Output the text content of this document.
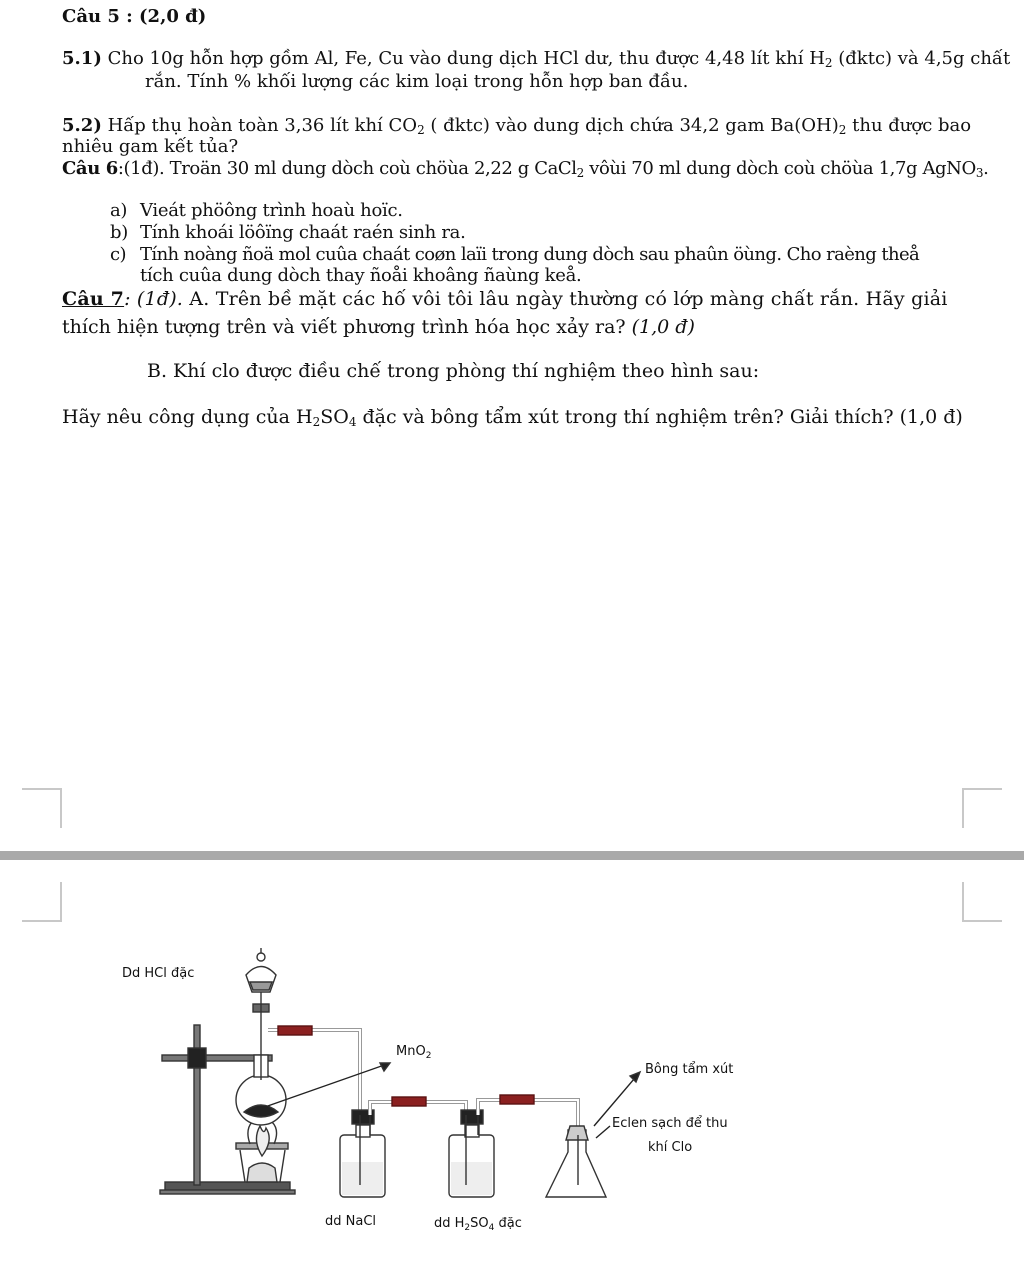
Câu 5 : (2,0 đ)
5.1) Cho 10g hỗn hợp gồm Al, Fe, Cu vào dung dịch HCl dư, thu được 4,48 lít khí $H_2$ (đktc) và 4,5g chất
rắn. Tính % khối lượng các kim loại trong hỗn hợp ban đầu.
5.2) Hấp thụ hoàn toàn 3,36 lít khí $CO_2$ ( đktc) vào dung dịch chứa 34,2 gam $Ba(OH)_2$ thu được bao
nhiêu gam kết tủa?
Câu 6:(1đ). Troän 30 ml dung dòch coù chöùa 2,22 g CaCl$_2$ vôùi 70 ml dung dòch coù chöùa 1,7g AgNO$_3$.
a) Vieát phöông trình hoaù hoïc.
b) Tính khoái löôïng chaát raén sinh ra.
c) Tính noàng ñoä mol cuûa chaát coøn laïi trong dung dòch sau phaûn öùng. Cho raèng theå
tích cuûa dung dòch thay ñoåi khoâng ñaùng keå.
Câu 7: (1đ). A. Trên bề mặt các hố vôi tôi lâu ngày thường có lớp màng chất rắn. Hãy giải
thích hiện tượng trên và viết phương trình hóa học xảy ra? (1,0 đ)
B. Khí clo được điều chế trong phòng thí nghiệm theo hình sau:
Hãy nêu công dụng của $H_2SO_4$ đặc và bông tẩm xút trong thí nghiệm trên? Giải thích? (1,0 đ)
Dd HCl đặc
MnO$_2$
Bông tẩm xút
Eclen sạch để thu
khí Clo
dd NaCl	dd $H_2SO_4$ đặc
